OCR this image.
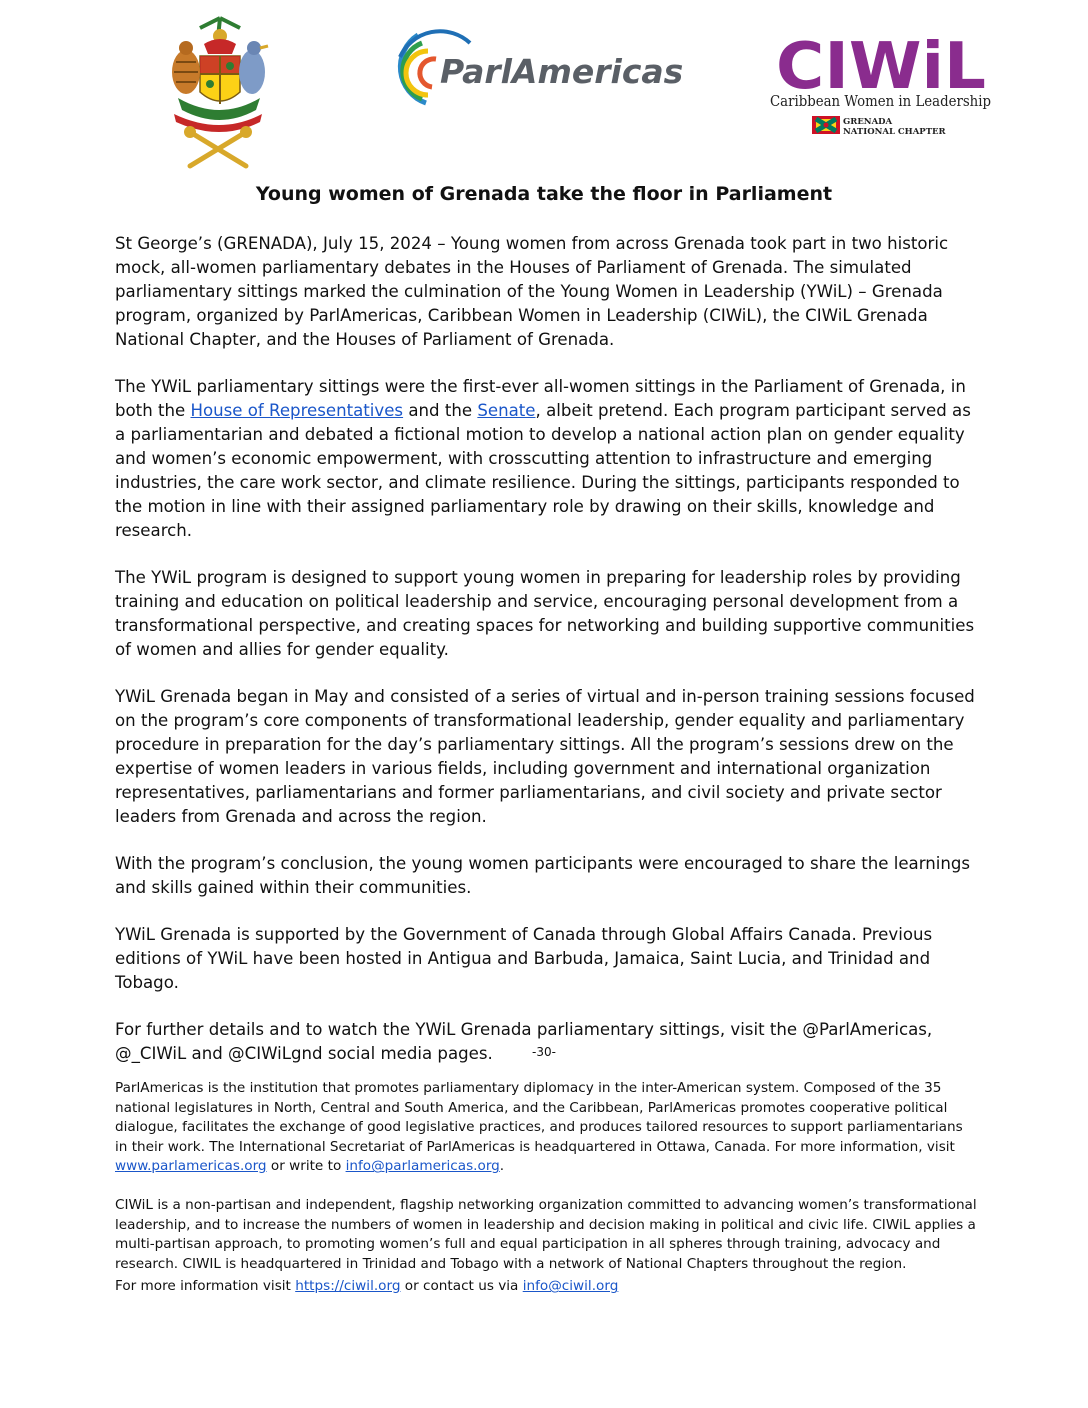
ParlAmericas CIWiL
Caribbean Women in Leadership
GRENADA
NATIONAL CHAPTER
Young women of Grenada take the floor in Parliament

St George’s (GRENADA), July 15, 2024 – Young women from across Grenada took part in two historic mock, all-women parliamentary debates in the Houses of Parliament of Grenada. The simulated parliamentary sittings marked the culmination of the Young Women in Leadership (YWiL) – Grenada program, organized by ParlAmericas, Caribbean Women in Leadership (CIWiL), the CIWiL Grenada National Chapter, and the Houses of Parliament of Grenada.

The YWiL parliamentary sittings were the first-ever all-women sittings in the Parliament of Grenada, in both the House of Representatives and the Senate, albeit pretend. Each program participant served as a parliamentarian and debated a fictional motion to develop a national action plan on gender equality and women’s economic empowerment, with crosscutting attention to infrastructure and emerging industries, the care work sector, and climate resilience. During the sittings, participants responded to the motion in line with their assigned parliamentary role by drawing on their skills, knowledge and research.

The YWiL program is designed to support young women in preparing for leadership roles by providing training and education on political leadership and service, encouraging personal development from a transformational perspective, and creating spaces for networking and building supportive communities of women and allies for gender equality.

YWiL Grenada began in May and consisted of a series of virtual and in-person training sessions focused on the program’s core components of transformational leadership, gender equality and parliamentary procedure in preparation for the day’s parliamentary sittings. All the program’s sessions drew on the expertise of women leaders in various fields, including government and international organization representatives, parliamentarians and former parliamentarians, and civil society and private sector leaders from Grenada and across the region.

With the program’s conclusion, the young women participants were encouraged to share the learnings and skills gained within their communities.

YWiL Grenada is supported by the Government of Canada through Global Affairs Canada. Previous editions of YWiL have been hosted in Antigua and Barbuda, Jamaica, Saint Lucia, and Trinidad and Tobago.

For further details and to watch the YWiL Grenada parliamentary sittings, visit the @ParlAmericas, @_CIWiL and @CIWiLgnd social media pages.	-30-

ParlAmericas is the institution that promotes parliamentary diplomacy in the inter-American system. Composed of the 35 national legislatures in North, Central and South America, and the Caribbean, ParlAmericas promotes cooperative political dialogue, facilitates the exchange of good legislative practices, and produces tailored resources to support parliamentarians in their work. The International Secretariat of ParlAmericas is headquartered in Ottawa, Canada. For more information, visit www.parlamericas.org or write to info@parlamericas.org.

CIWiL is a non-partisan and independent, flagship networking organization committed to advancing women’s transformational leadership, and to increase the numbers of women in leadership and decision making in political and civic life. CIWiL applies a multi-partisan approach, to promoting women’s full and equal participation in all spheres through training, advocacy and research. CIWIL is headquartered in Trinidad and Tobago with a network of National Chapters throughout the region.

For more information visit https://ciwil.org or contact us via info@ciwil.org
